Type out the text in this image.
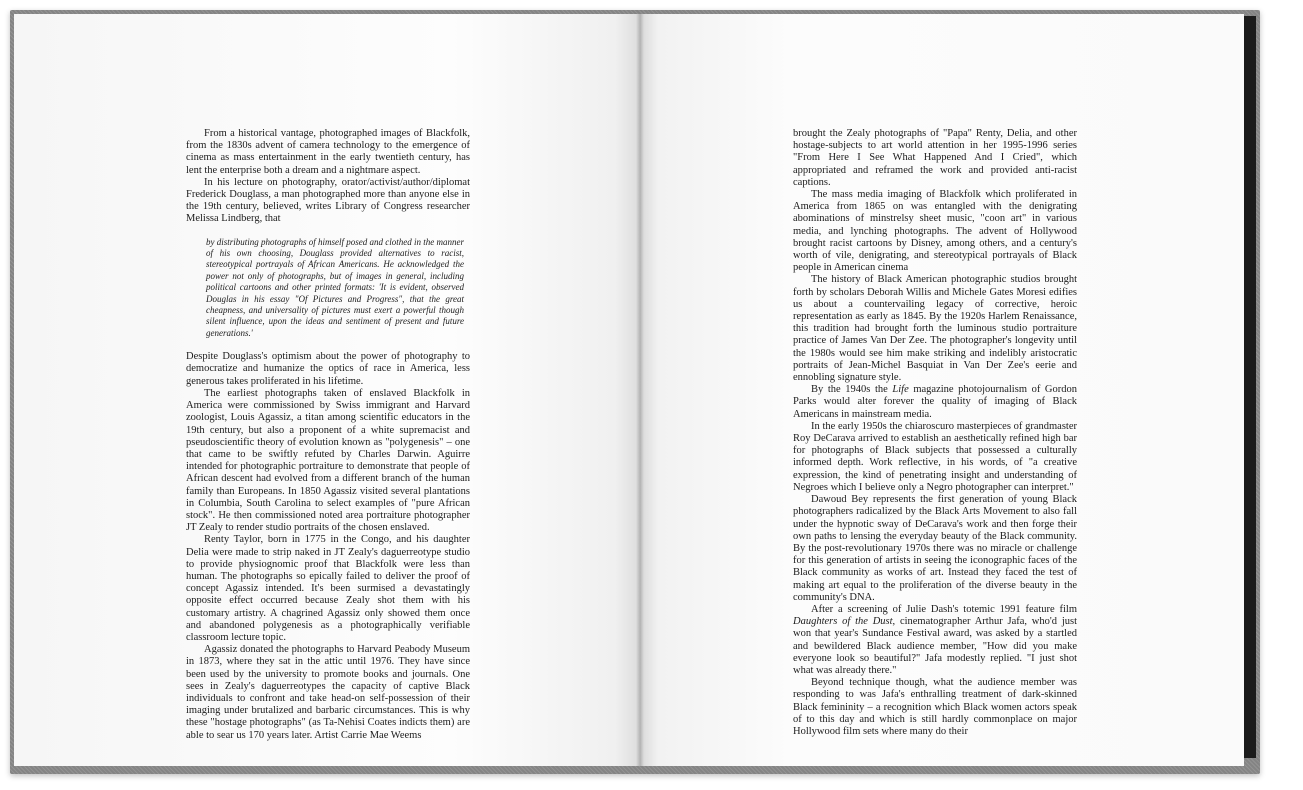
From a historical vantage, photographed images of Blackfolk, from the 1830s advent of camera technology to the emergence of cinema as mass entertainment in the early twentieth century, has lent the enterprise both a dream and a nightmare aspect.

In his lecture on photography, orator/activist/author/diplomat Frederick Douglass, a man photographed more than anyone else in the 19th century, believed, writes Library of Congress researcher Melissa Lindberg, that

by distributing photographs of himself posed and clothed in the manner of his own choosing, Douglass provided alternatives to racist, stereotypical portrayals of African Americans. He acknowledged the power not only of photographs, but of images in general, including political cartoons and other printed formats: 'It is evident, observed Douglas in his essay "Of Pictures and Progress", that the great cheapness, and universality of pictures must exert a powerful though silent influence, upon the ideas and sentiment of present and future generations.'

Despite Douglass's optimism about the power of photography to democratize and humanize the optics of race in America, less generous takes proliferated in his lifetime.

The earliest photographs taken of enslaved Blackfolk in America were commissioned by Swiss immigrant and Harvard zoologist, Louis Agassiz, a titan among scientific educators in the 19th century, but also a proponent of a white supremacist and pseudoscientific theory of evolution known as "polygenesis" – one that came to be swiftly refuted by Charles Darwin. Aguirre intended for photographic portraiture to demonstrate that people of African descent had evolved from a different branch of the human family than Europeans. In 1850 Agassiz visited several plantations in Columbia, South Carolina to select examples of "pure African stock". He then commissioned noted area portraiture photographer JT Zealy to render studio portraits of the chosen enslaved.

Renty Taylor, born in 1775 in the Congo, and his daughter Delia were made to strip naked in JT Zealy's daguerreotype studio to provide physiognomic proof that Blackfolk were less than human. The photographs so epically failed to deliver the proof of concept Agassiz intended. It's been surmised a devastatingly opposite effect occurred because Zealy shot them with his customary artistry. A chagrined Agassiz only showed them once and abandoned polygenesis as a photographically verifiable classroom lecture topic.

Agassiz donated the photographs to Harvard Peabody Museum in 1873, where they sat in the attic until 1976. They have since been used by the university to promote books and journals. One sees in Zealy's daguerreotypes the capacity of captive Black individuals to confront and take head-on self-possession of their imaging under brutalized and barbaric circumstances. This is why these "hostage photographs" (as Ta-Nehisi Coates indicts them) are able to sear us 170 years later. Artist Carrie Mae Weems

brought the Zealy photographs of "Papa" Renty, Delia, and other hostage-subjects to art world attention in her 1995-1996 series "From Here I See What Happened And I Cried", which appropriated and reframed the work and provided anti-racist captions.

The mass media imaging of Blackfolk which proliferated in America from 1865 on was entangled with the denigrating abominations of minstrelsy sheet music, "coon art" in various media, and lynching photographs. The advent of Hollywood brought racist cartoons by Disney, among others, and a century's worth of vile, denigrating, and stereotypical portrayals of Black people in American cinema

The history of Black American photographic studios brought forth by scholars Deborah Willis and Michele Gates Moresi edifies us about a countervailing legacy of corrective, heroic representation as early as 1845. By the 1920s Harlem Renaissance, this tradition had brought forth the luminous studio portraiture practice of James Van Der Zee. The photographer's longevity until the 1980s would see him make striking and indelibly aristocratic portraits of Jean-Michel Basquiat in Van Der Zee's eerie and ennobling signature style.

By the 1940s the Life magazine photojournalism of Gordon Parks would alter forever the quality of imaging of Black Americans in mainstream media.

In the early 1950s the chiaroscuro masterpieces of grandmaster Roy DeCarava arrived to establish an aesthetically refined high bar for photographs of Black subjects that possessed a culturally informed depth. Work reflective, in his words, of "a creative expression, the kind of penetrating insight and understanding of Negroes which I believe only a Negro photographer can interpret."

Dawoud Bey represents the first generation of young Black photographers radicalized by the Black Arts Movement to also fall under the hypnotic sway of DeCarava's work and then forge their own paths to lensing the everyday beauty of the Black community. By the post-revolutionary 1970s there was no miracle or challenge for this generation of artists in seeing the iconographic faces of the Black community as works of art. Instead they faced the test of making art equal to the proliferation of the diverse beauty in the community's DNA.

After a screening of Julie Dash's totemic 1991 feature film Daughters of the Dust, cinematographer Arthur Jafa, who'd just won that year's Sundance Festival award, was asked by a startled and bewildered Black audience member, "How did you make everyone look so beautiful?" Jafa modestly replied. "I just shot what was already there."

Beyond technique though, what the audience member was responding to was Jafa's enthralling treatment of dark-skinned Black femininity – a recognition which Black women actors speak of to this day and which is still hardly commonplace on major Hollywood film sets where many do their
